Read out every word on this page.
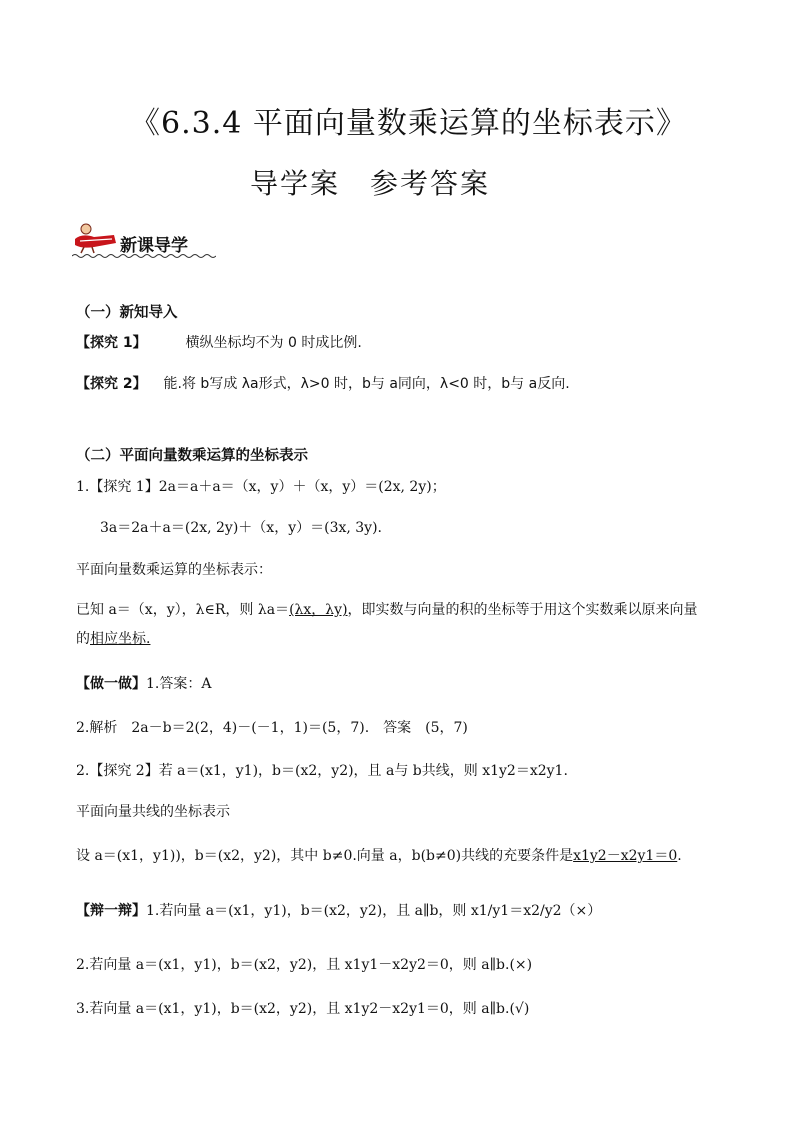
《6.3.4 平面向量数乘运算的坐标表示》
导学案 参考答案
新课导学
（一）新知导入
【探究 1】	横纵坐标均不为 0 时成比例.
【探究 2】 能.将 b写成 λa形式，λ>0 时，b与 a同向，λ<0 时，b与 a反向.
（二）平面向量数乘运算的坐标表示
1.【探究 1】2a＝a＋a＝（x，y）＋（x，y）＝(2x, 2y)；
3a＝2a＋a＝(2x, 2y)＋（x，y）＝(3x, 3y).
平面向量数乘运算的坐标表示：
已知 a＝（x，y），λ∈R，则 λa＝(λx，λy)，即实数与向量的积的坐标等于用这个实数乘以原来向量
的相应坐标.
【做一做】1.答案：A
2.解析　2a－b＝2(2，4)－(－1，1)＝(5，7).　答案　(5，7)
2.【探究 2】若 a＝(x1，y1)，b＝(x2，y2)，且 a与 b共线，则 x1y2＝x2y1.
平面向量共线的坐标表示
设 a＝(x1，y1))，b＝(x2，y2)，其中 b≠0.向量 a，b(b≠0)共线的充要条件是x1y2－x2y1＝0.
【辩一辩】1.若向量 a＝(x1，y1)，b＝(x2，y2)，且 a∥b，则 x1/y1＝x2/y2（×）
2.若向量 a＝(x1，y1)，b＝(x2，y2)，且 x1y1－x2y2＝0，则 a∥b.(×)
3.若向量 a＝(x1，y1)，b＝(x2，y2)，且 x1y2－x2y1＝0，则 a∥b.(√)
